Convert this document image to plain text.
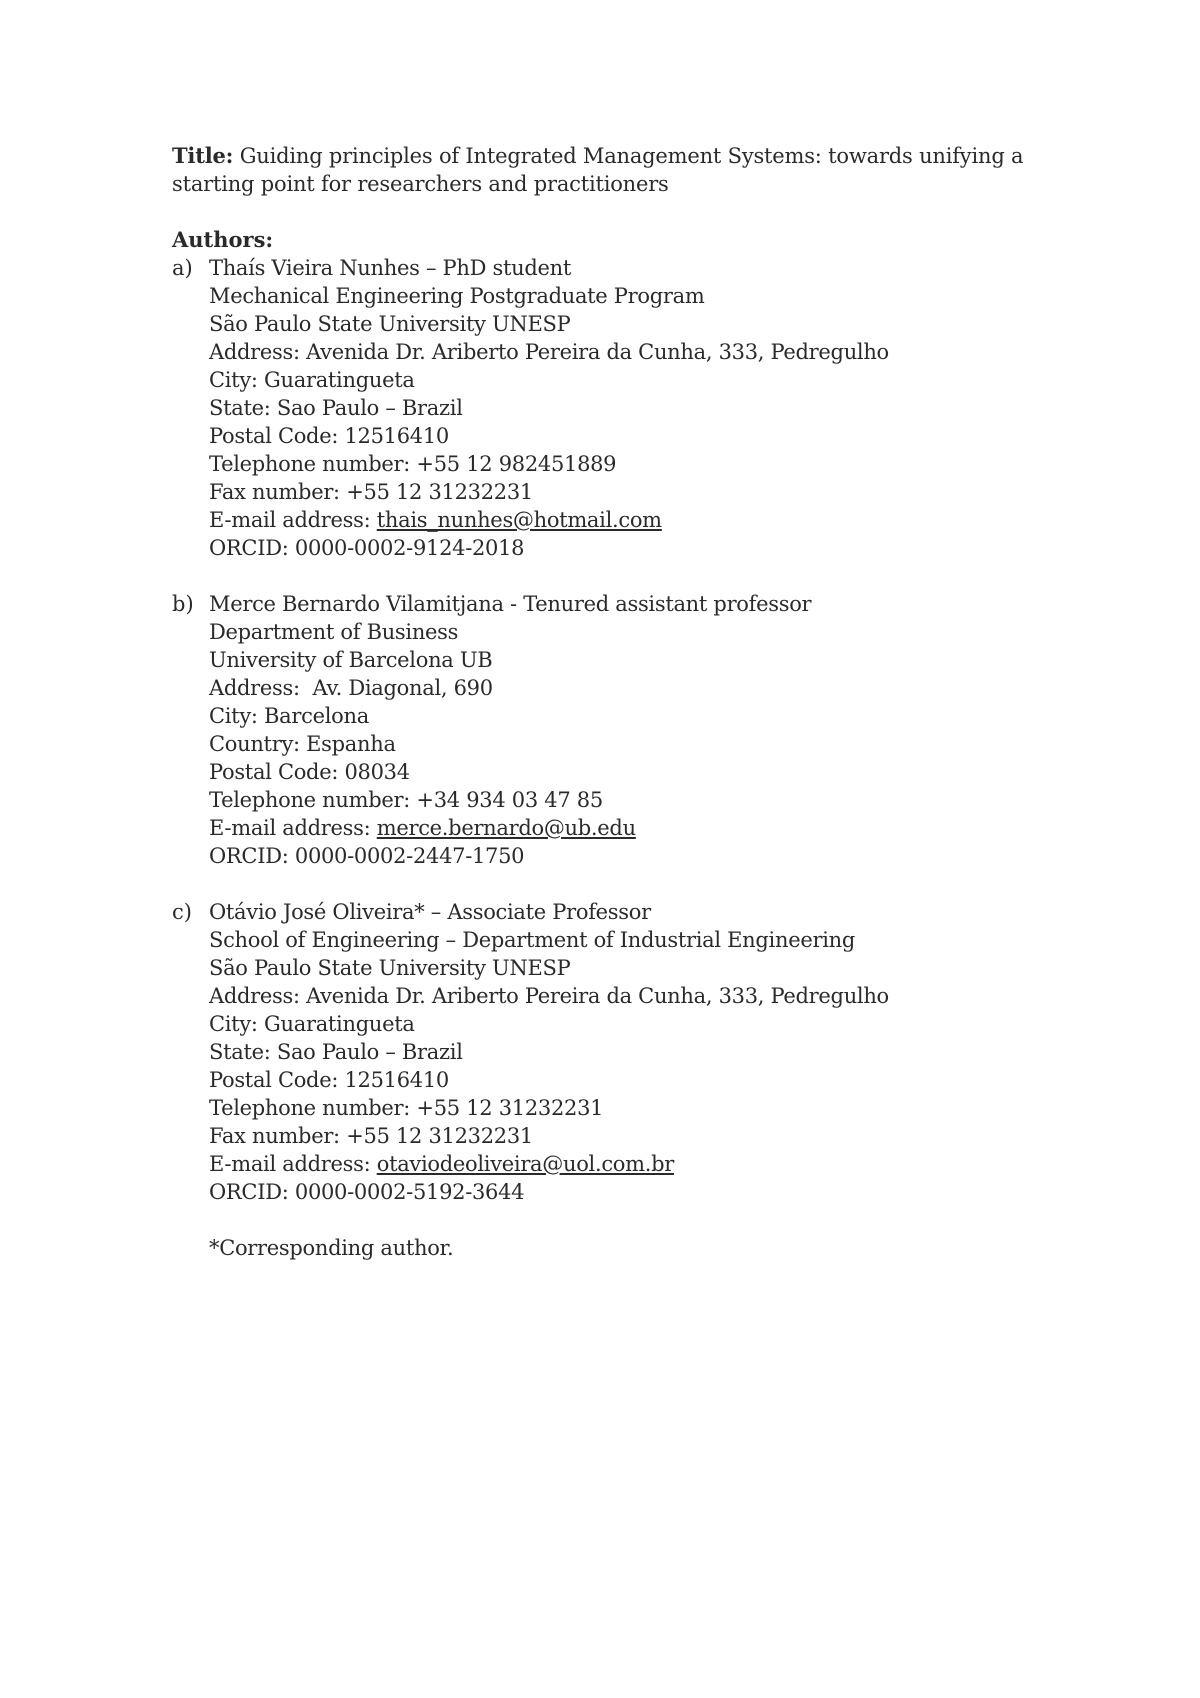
Title: Guiding principles of Integrated Management Systems: towards unifying a starting point for researchers and practitioners

Authors:
a) Thaís Vieira Nunhes – PhD student
Mechanical Engineering Postgraduate Program
São Paulo State University UNESP
Address: Avenida Dr. Ariberto Pereira da Cunha, 333, Pedregulho
City: Guaratingueta
State: Sao Paulo – Brazil
Postal Code: 12516410
Telephone number: +55 12 982451889
Fax number: +55 12 31232231
E-mail address: thais_nunhes@hotmail.com
ORCID: 0000-0002-9124-2018
b) Merce Bernardo Vilamitjana - Tenured assistant professor
Department of Business
University of Barcelona UB
Address:  Av. Diagonal, 690
City: Barcelona
Country: Espanha
Postal Code: 08034
Telephone number: +34 934 03 47 85
E-mail address: merce.bernardo@ub.edu
ORCID: 0000-0002-2447-1750
c) Otávio José Oliveira* – Associate Professor
School of Engineering – Department of Industrial Engineering
São Paulo State University UNESP
Address: Avenida Dr. Ariberto Pereira da Cunha, 333, Pedregulho
City: Guaratingueta
State: Sao Paulo – Brazil
Postal Code: 12516410
Telephone number: +55 12 31232231
Fax number: +55 12 31232231
E-mail address: otaviodeoliveira@uol.com.br
ORCID: 0000-0002-5192-3644
*Corresponding author.
